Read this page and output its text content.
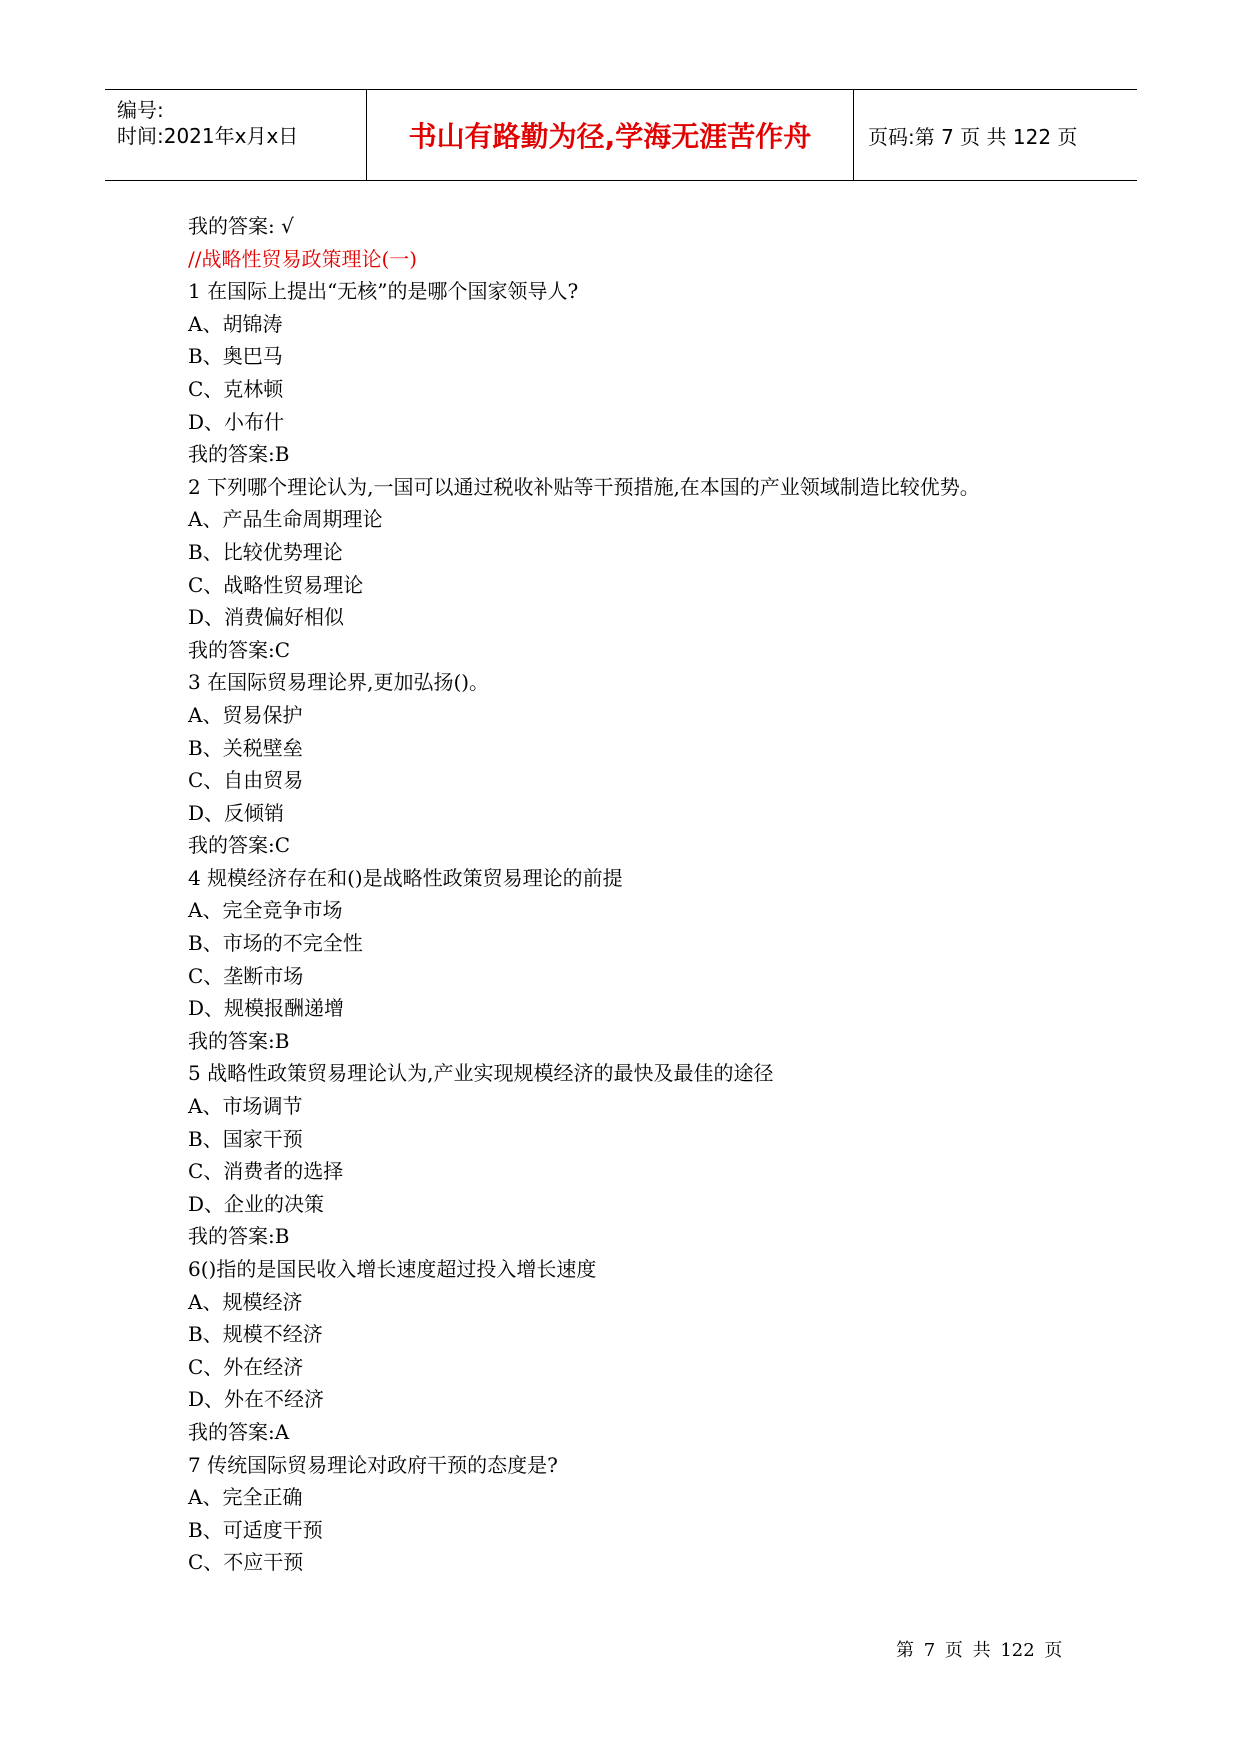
编号:
时间:2021年x月x日	书山有路勤为径,学海无涯苦作舟	页码:第 7 页 共 122 页
我的答案: √
//战略性贸易政策理论(一)
1 在国际上提出“无核”的是哪个国家领导人?
A、胡锦涛
B、奥巴马
C、克林顿
D、小布什
我的答案:B
2 下列哪个理论认为,一国可以通过税收补贴等干预措施,在本国的产业领域制造比较优势。
A、产品生命周期理论
B、比较优势理论
C、战略性贸易理论
D、消费偏好相似
我的答案:C
3 在国际贸易理论界,更加弘扬()。
A、贸易保护
B、关税壁垒
C、自由贸易
D、反倾销
我的答案:C
4 规模经济存在和()是战略性政策贸易理论的前提
A、完全竞争市场
B、市场的不完全性
C、垄断市场
D、规模报酬递增
我的答案:B
5 战略性政策贸易理论认为,产业实现规模经济的最快及最佳的途径
A、市场调节
B、国家干预
C、消费者的选择
D、企业的决策
我的答案:B
6()指的是国民收入增长速度超过投入增长速度
A、规模经济
B、规模不经济
C、外在经济
D、外在不经济
我的答案:A
7 传统国际贸易理论对政府干预的态度是?
A、完全正确
B、可适度干预
C、不应干预
第 7 页 共 122 页
